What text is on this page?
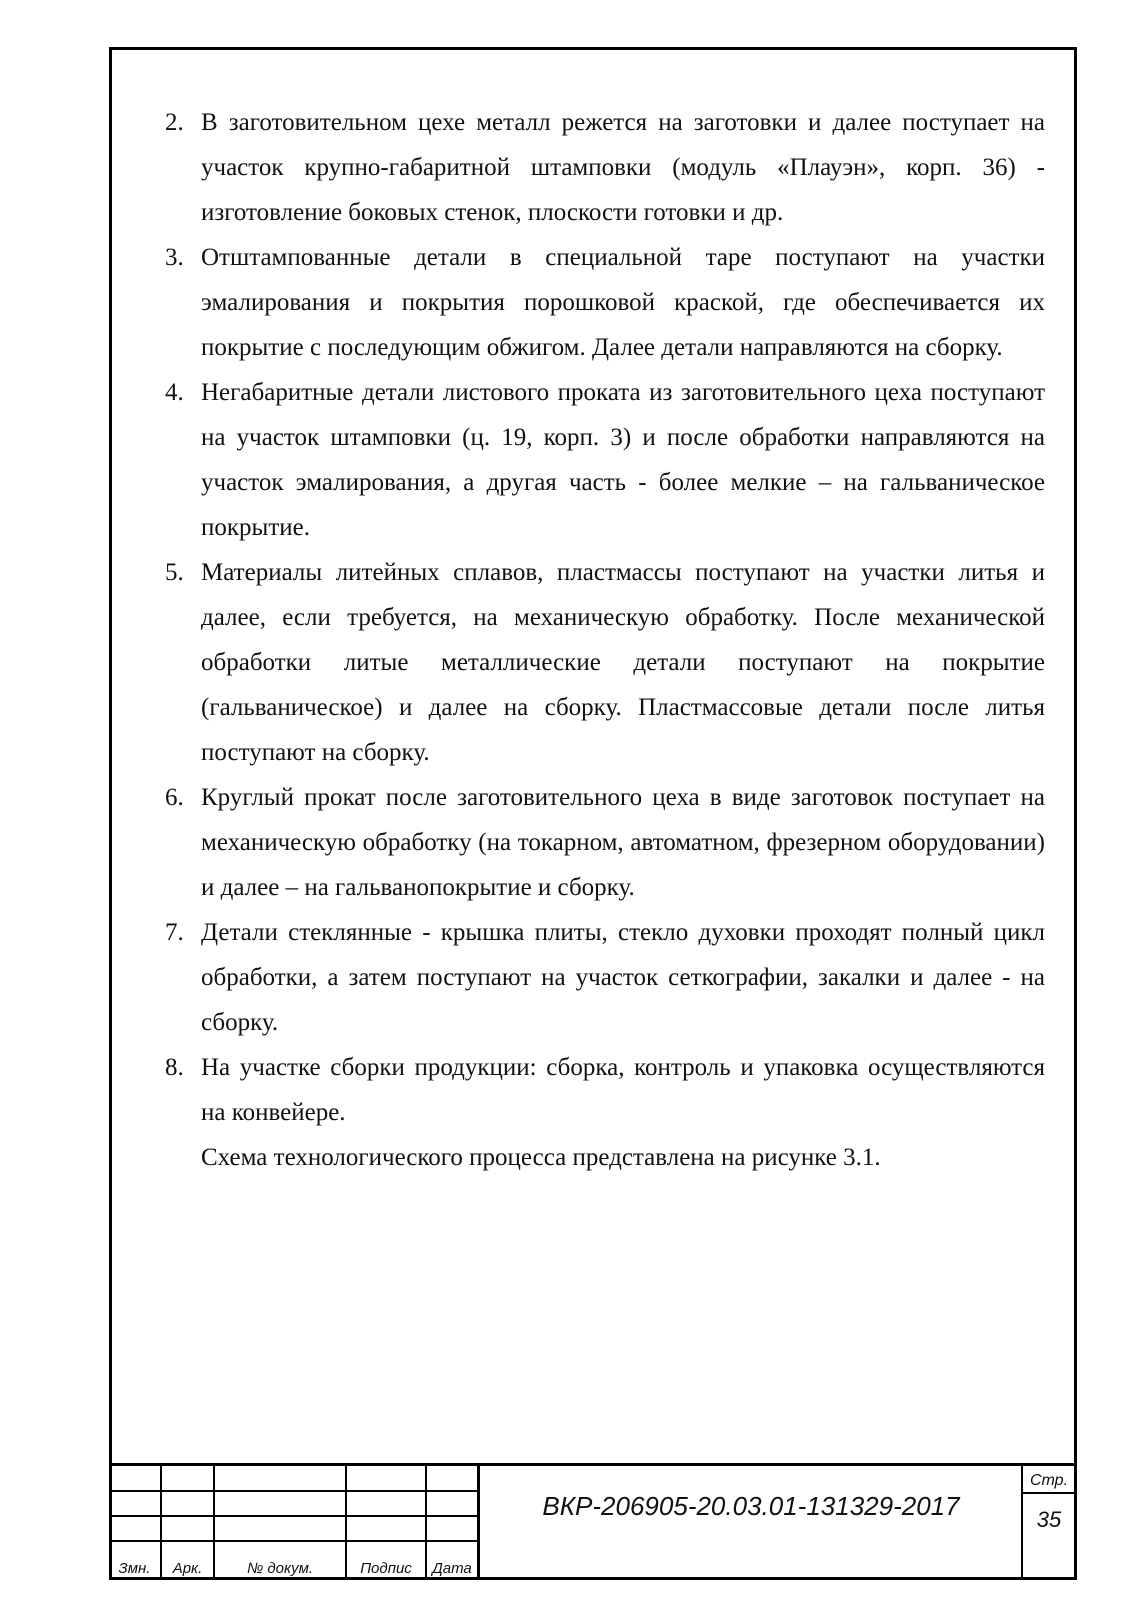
2. В заготовительном цехе металл режется на заготовки и далее поступает на участок крупно-габаритной штамповки (модуль «Плауэн», корп. 36) - изготовление боковых стенок, плоскости готовки и др.
3. Отштампованные детали в специальной таре поступают на участки эмалирования и покрытия порошковой краской, где обеспечивается их покрытие с последующим обжигом. Далее детали направляются на сборку.
4. Негабаритные детали листового проката из заготовительного цеха поступают на участок штамповки (ц. 19, корп. 3) и после обработки направляются на участок эмалирования, а другая часть - более мелкие – на гальваническое покрытие.
5. Материалы литейных сплавов, пластмассы поступают на участки литья и далее, если требуется, на механическую обработку. После механической обработки литые металлические детали поступают на покрытие (гальваническое) и далее на сборку. Пластмассовые детали после литья поступают на сборку.
6. Круглый прокат после заготовительного цеха в виде заготовок поступает на механическую обработку (на токарном, автоматном, фрезерном оборудовании) и далее – на гальванопокрытие и сборку.
7. Детали стеклянные - крышка плиты, стекло духовки проходят полный цикл обработки, а затем поступают на участок сеткографии, закалки и далее - на сборку.
8. На участке сборки продукции: сборка, контроль и упаковка осуществляются на конвейере.

Схема технологического процесса представлена на рисунке 3.1.

Змн.	Арк.	№ докум.	Подпис	Дата
ВКР-206905-20.03.01-131329-2017
Стр.
35
